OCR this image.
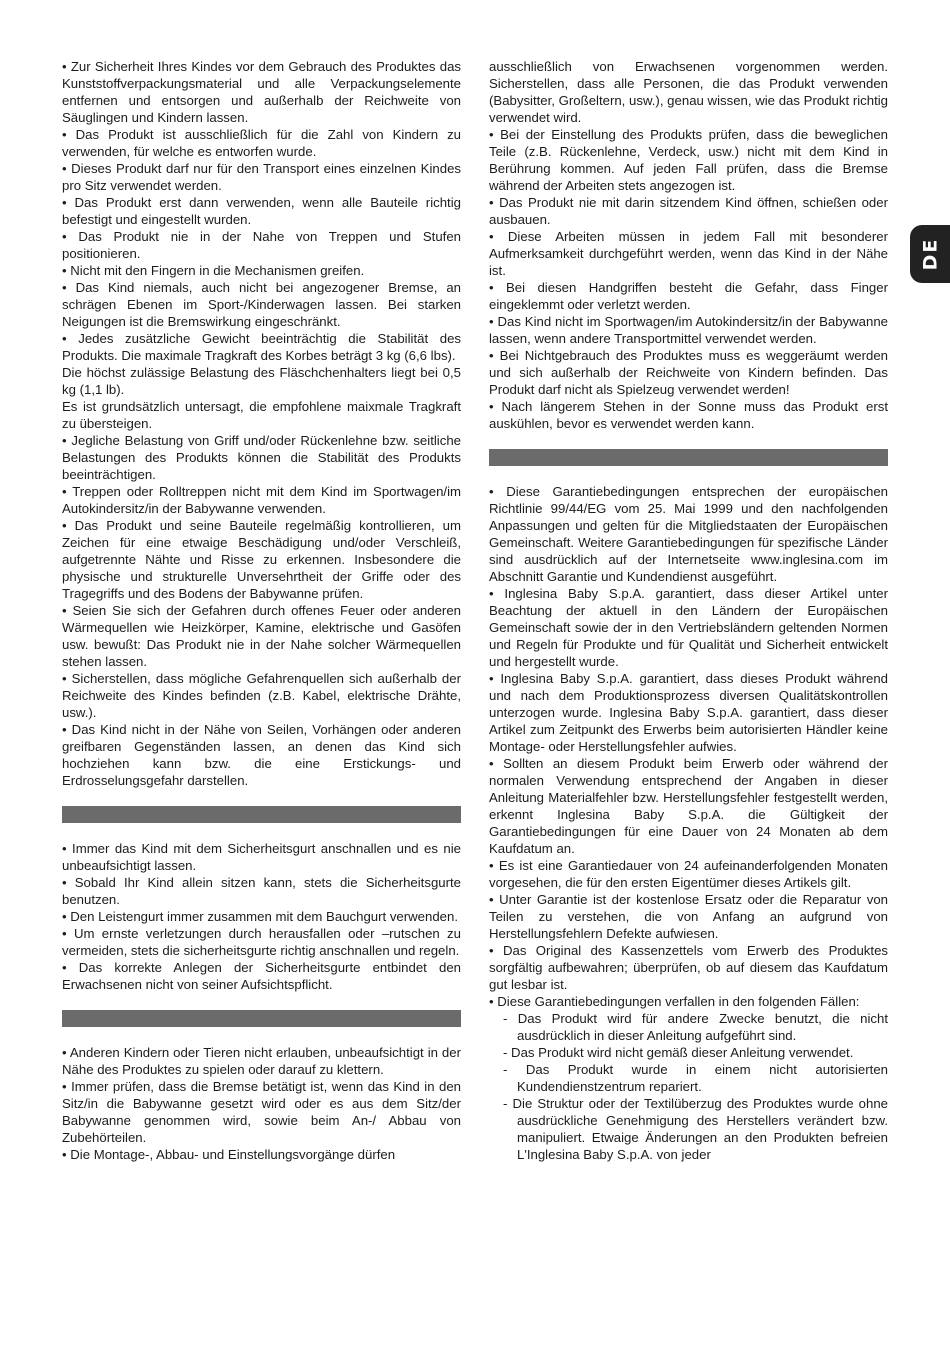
• Zur Sicherheit Ihres Kindes vor dem Gebrauch des Produktes das Kunststoffverpackungsmaterial und alle Verpackungselemente entfernen und entsorgen und außerhalb der Reichweite von Säuglingen und Kindern lassen.

• Das Produkt ist ausschließlich für die Zahl von Kindern zu verwenden, für welche es entworfen wurde.

• Dieses Produkt darf nur für den Transport eines einzelnen Kindes pro Sitz verwendet werden.

• Das Produkt erst dann verwenden, wenn alle Bauteile richtig befestigt und eingestellt wurden.

• Das Produkt nie in der Nahe von Treppen und Stufen positionieren.

• Nicht mit den Fingern in die Mechanismen greifen.

• Das Kind niemals, auch nicht bei angezogener Bremse, an schrägen Ebenen im Sport-/Kinderwagen lassen. Bei starken Neigungen ist die Bremswirkung eingeschränkt.

• Jedes zusätzliche Gewicht beeinträchtig die Stabilität des Produkts. Die maximale Tragkraft des Korbes beträgt 3 kg (6,6 lbs).

Die höchst zulässige Belastung des Fläschchenhalters liegt bei 0,5 kg (1,1 lb).

Es ist grundsätzlich untersagt, die empfohlene maixmale Tragkraft zu übersteigen.

• Jegliche Belastung von Griff und/oder Rückenlehne bzw. seitliche Belastungen des Produkts können die Stabilität des Produkts beeinträchtigen.

• Treppen oder Rolltreppen nicht mit dem Kind im Sportwagen/im Autokindersitz/in der Babywanne verwenden.

• Das Produkt und seine Bauteile regelmäßig kontrollieren, um Zeichen für eine etwaige Beschädigung und/oder Verschleiß, aufgetrennte Nähte und Risse zu erkennen. Insbesondere die physische und strukturelle Unversehrtheit der Griffe oder des Tragegriffs und des Bodens der Babywanne prüfen.

• Seien Sie sich der Gefahren durch offenes Feuer oder anderen Wärmequellen wie Heizkörper, Kamine, elektrische und Gasöfen usw. bewußt: Das Produkt nie in der Nahe solcher Wärmequellen stehen lassen.

• Sicherstellen, dass mögliche Gefahrenquellen sich außerhalb der Reichweite des Kindes befinden (z.B. Kabel, elektrische Drähte, usw.).

• Das Kind nicht in der Nähe von Seilen, Vorhängen oder anderen greifbaren Gegenständen lassen, an denen das Kind sich hochziehen kann bzw. die eine Erstickungs- und Erdrosselungsgefahr darstellen.

• Immer das Kind mit dem Sicherheitsgurt anschnallen und es nie unbeaufsichtigt lassen.

• Sobald Ihr Kind allein sitzen kann, stets die Sicherheitsgurte benutzen.

• Den Leistengurt immer zusammen mit dem Bauchgurt verwenden.

• Um ernste verletzungen durch herausfallen oder –rutschen zu vermeiden, stets die sicherheitsgurte richtig anschnallen und regeln.

• Das korrekte Anlegen der Sicherheitsgurte entbindet den Erwachsenen nicht von seiner Aufsichtspflicht.

• Anderen Kindern oder Tieren nicht erlauben, unbeaufsichtigt in der Nähe des Produktes zu spielen oder darauf zu klettern.

• Immer prüfen, dass die Bremse betätigt ist, wenn das Kind in den Sitz/in die Babywanne gesetzt wird oder es aus dem Sitz/der Babywanne genommen wird, sowie beim An-/ Abbau von Zubehörteilen.

• Die Montage-, Abbau- und Einstellungsvorgänge dürfen

ausschließlich von Erwachsenen vorgenommen werden. Sicherstellen, dass alle Personen, die das Produkt verwenden (Babysitter, Großeltern, usw.), genau wissen, wie das Produkt richtig verwendet wird.

• Bei der Einstellung des Produkts prüfen, dass die beweglichen Teile (z.B. Rückenlehne, Verdeck, usw.) nicht mit dem Kind in Berührung kommen. Auf jeden Fall prüfen, dass die Bremse während der Arbeiten stets angezogen ist.

• Das Produkt nie mit darin sitzendem Kind öffnen, schießen oder ausbauen.

• Diese Arbeiten müssen in jedem Fall mit besonderer Aufmerksamkeit durchgeführt werden, wenn das Kind in der Nähe ist.

• Bei diesen Handgriffen besteht die Gefahr, dass Finger eingeklemmt oder verletzt werden.

• Das Kind nicht im Sportwagen/im Autokindersitz/in der Babywanne lassen, wenn andere Transportmittel verwendet werden.

• Bei Nichtgebrauch des Produktes muss es weggeräumt werden und sich außerhalb der Reichweite von Kindern befinden. Das Produkt darf nicht als Spielzeug verwendet werden!

• Nach längerem Stehen in der Sonne muss das Produkt erst auskühlen, bevor es verwendet werden kann.

• Diese Garantiebedingungen entsprechen der europäischen Richtlinie 99/44/EG vom 25. Mai 1999 und den nachfolgenden Anpassungen und gelten für die Mitgliedstaaten der Europäischen Gemeinschaft. Weitere Garantiebedingungen für spezifische Länder sind ausdrücklich auf der Internetseite www.inglesina.com im Abschnitt Garantie und Kundendienst ausgeführt.

• Inglesina Baby S.p.A. garantiert, dass dieser Artikel unter Beachtung der aktuell in den Ländern der Europäischen Gemeinschaft sowie der in den Vertriebsländern geltenden Normen und Regeln für Produkte und für Qualität und Sicherheit entwickelt und hergestellt wurde.

• Inglesina Baby S.p.A. garantiert, dass dieses Produkt während und nach dem Produktionsprozess diversen Qualitätskontrollen unterzogen wurde. Inglesina Baby S.p.A. garantiert, dass dieser Artikel zum Zeitpunkt des Erwerbs beim autorisierten Händler keine Montage- oder Herstellungsfehler aufwies.

• Sollten an diesem Produkt beim Erwerb oder während der normalen Verwendung entsprechend der Angaben in dieser Anleitung Materialfehler bzw. Herstellungsfehler festgestellt werden, erkennt Inglesina Baby S.p.A. die Gültigkeit der Garantiebedingungen für eine Dauer von 24 Monaten ab dem Kaufdatum an.

• Es ist eine Garantiedauer von 24 aufeinanderfolgenden Monaten vorgesehen, die für den ersten Eigentümer dieses Artikels gilt.

• Unter Garantie ist der kostenlose Ersatz oder die Reparatur von Teilen zu verstehen, die von Anfang an aufgrund von Herstellungsfehlern Defekte aufwiesen.

• Das Original des Kassenzettels vom Erwerb des Produktes sorgfältig aufbewahren; überprüfen, ob auf diesem das Kaufdatum gut lesbar ist.

• Diese Garantiebedingungen verfallen in den folgenden Fällen:

- Das Produkt wird für andere Zwecke benutzt, die nicht ausdrücklich in dieser Anleitung aufgeführt sind.

- Das Produkt wird nicht gemäß dieser Anleitung verwendet.

- Das Produkt wurde in einem nicht autorisierten Kundendienstzentrum repariert.

- Die Struktur oder der Textilüberzug des Produktes wurde ohne ausdrückliche Genehmigung des Herstellers verändert bzw. manipuliert. Etwaige Änderungen an den Produkten befreien L'Inglesina Baby S.p.A. von jeder

DE
